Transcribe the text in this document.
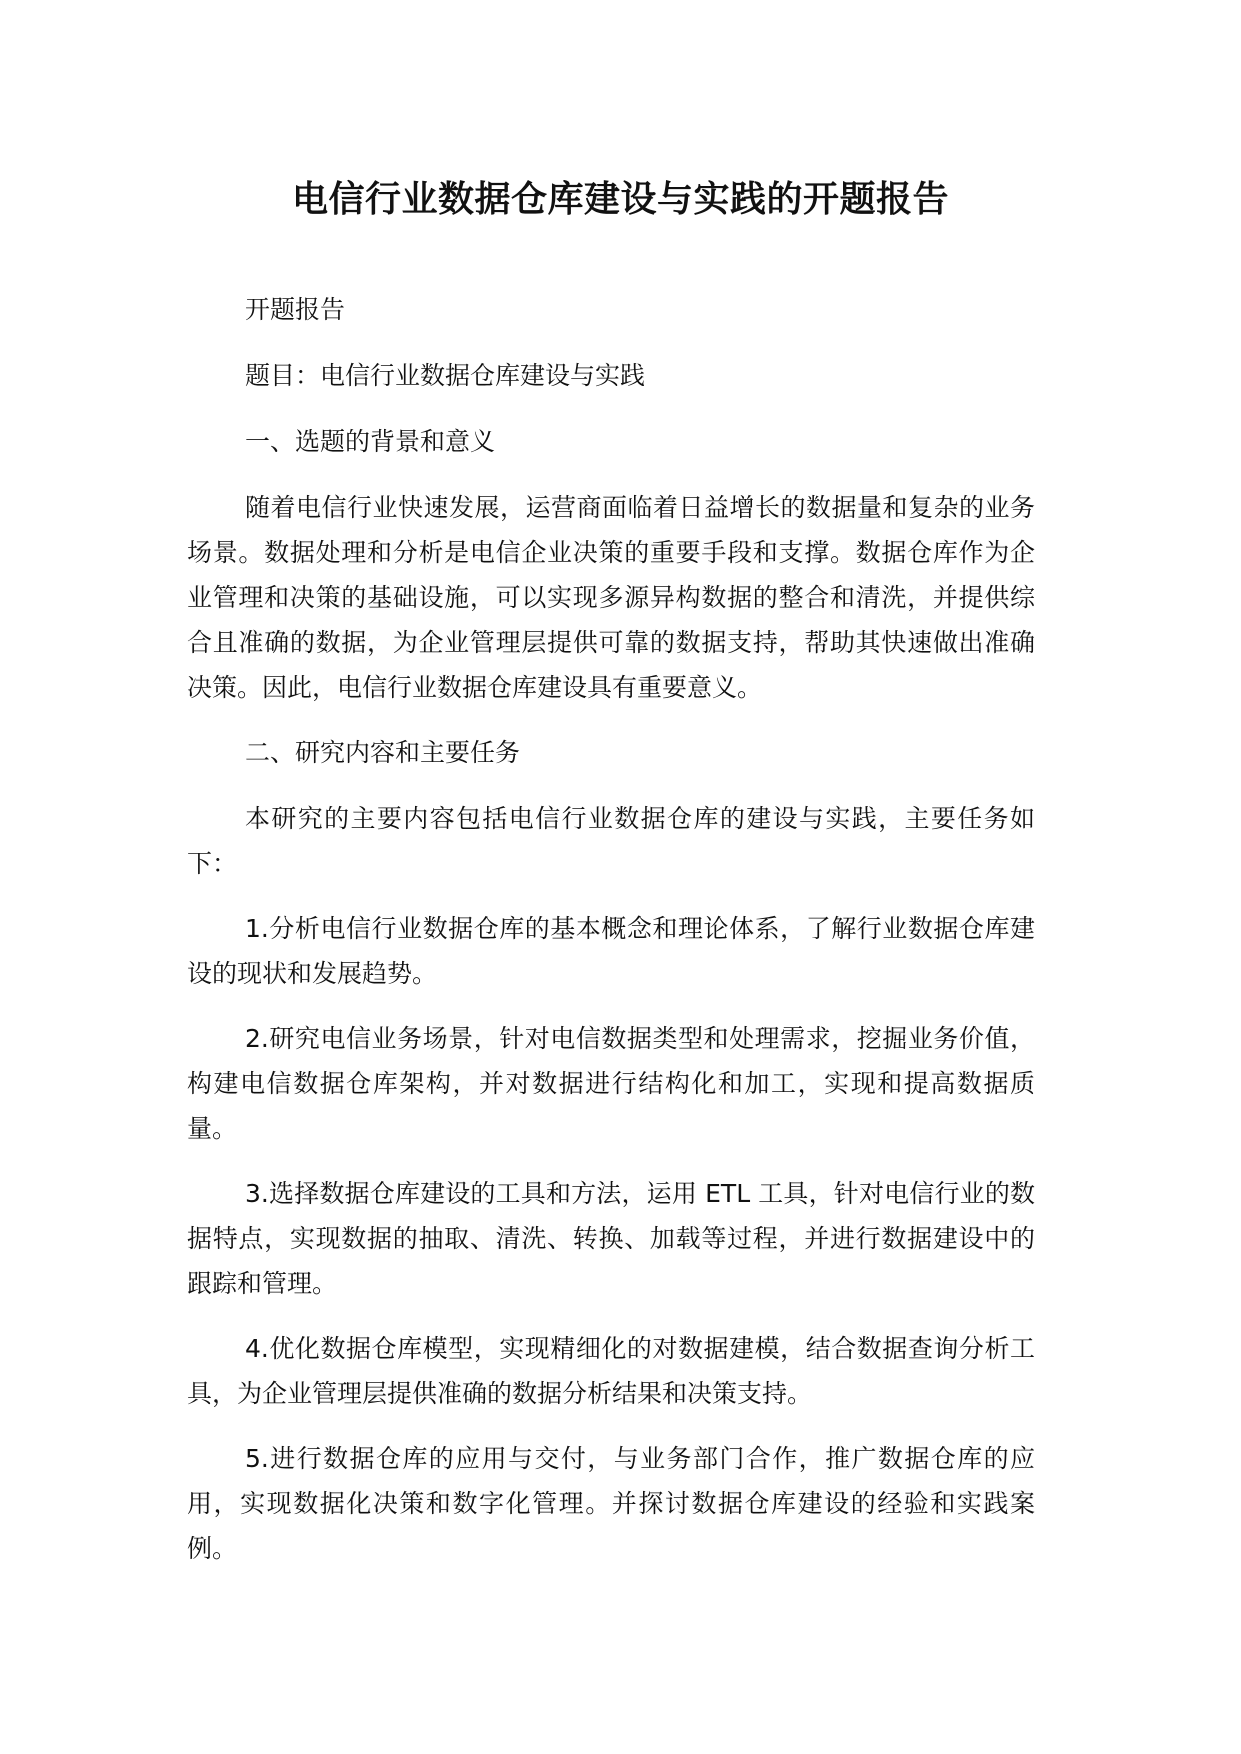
电信行业数据仓库建设与实践的开题报告

开题报告

题目：电信行业数据仓库建设与实践

一、选题的背景和意义

随着电信行业快速发展，运营商面临着日益增长的数据量和复杂的业务场景。数据处理和分析是电信企业决策的重要手段和支撑。数据仓库作为企业管理和决策的基础设施，可以实现多源异构数据的整合和清洗，并提供综合且准确的数据，为企业管理层提供可靠的数据支持，帮助其快速做出准确决策。因此，电信行业数据仓库建设具有重要意义。

二、研究内容和主要任务

本研究的主要内容包括电信行业数据仓库的建设与实践，主要任务如下：

1.分析电信行业数据仓库的基本概念和理论体系，了解行业数据仓库建设的现状和发展趋势。

2.研究电信业务场景，针对电信数据类型和处理需求，挖掘业务价值，构建电信数据仓库架构，并对数据进行结构化和加工，实现和提高数据质量。

3.选择数据仓库建设的工具和方法，运用 ETL 工具，针对电信行业的数据特点，实现数据的抽取、清洗、转换、加载等过程，并进行数据建设中的跟踪和管理。

4.优化数据仓库模型，实现精细化的对数据建模，结合数据查询分析工具，为企业管理层提供准确的数据分析结果和决策支持。

5.进行数据仓库的应用与交付，与业务部门合作，推广数据仓库的应用，实现数据化决策和数字化管理。并探讨数据仓库建设的经验和实践案例。
